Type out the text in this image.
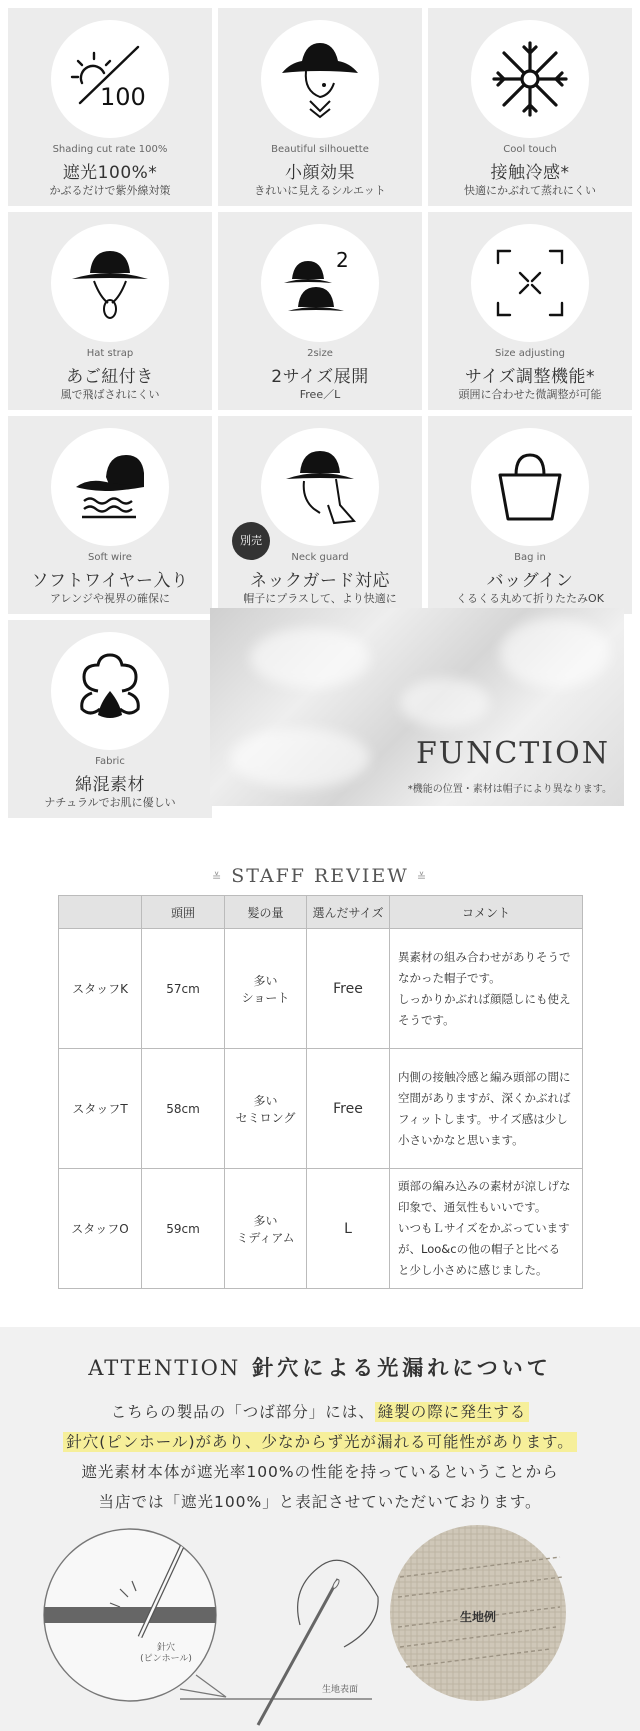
100
Shading cut rate 100%
遮光100%*
かぶるだけで紫外線対策
Beautiful silhouette
小顔効果
きれいに見えるシルエット
Cool touch
接触冷感*
快適にかぶれて蒸れにくい
Hat strap
あご紐付き
風で飛ばされにくい
2
2size
2サイズ展開
Free／L
Size adjusting
サイズ調整機能*
頭囲に合わせた微調整が可能
Soft wire
ソフトワイヤー入り
アレンジや視界の確保に
別売
Neck guard
ネックガード対応
帽子にプラスして、より快適に
Bag in
バッグイン
くるくる丸めて折りたたみOK
Fabric
綿混素材
ナチュラルでお肌に優しい
FUNCTION
*機能の位置・素材は帽子により異なります。
≚ STAFF REVIEW ≚
	頭囲	髪の量	選んだサイズ	コメント
スタッフK	57cm	多い
ショート	Free	異素材の組み合わせがありそうで
なかった帽子です。
しっかりかぶれば顔隠しにも使え
そうです。
スタッフT	58cm	多い
セミロング	Free	内側の接触冷感と編み頭部の間に
空間がありますが、深くかぶれば
フィットします。サイズ感は少し
小さいかなと思います。
スタッフO	59cm	多い
ミディアム	L	頭部の編み込みの素材が涼しげな
印象で、通気性もいいです。
いつもＬサイズをかぶっています
が、Loo&cの他の帽子と比べる
と少し小さめに感じました。
ATTENTION 針穴による光漏れについて
こちらの製品の「つば部分」には、 縫製の際に発生する
針穴(ピンホール)があり、少なからず光が漏れる可能性があります。
遮光素材本体が遮光率100%の性能を持っているということから
当店では「遮光100%」と表記させていただいております。
針穴
(ピンホール)
生地表面
生地例
